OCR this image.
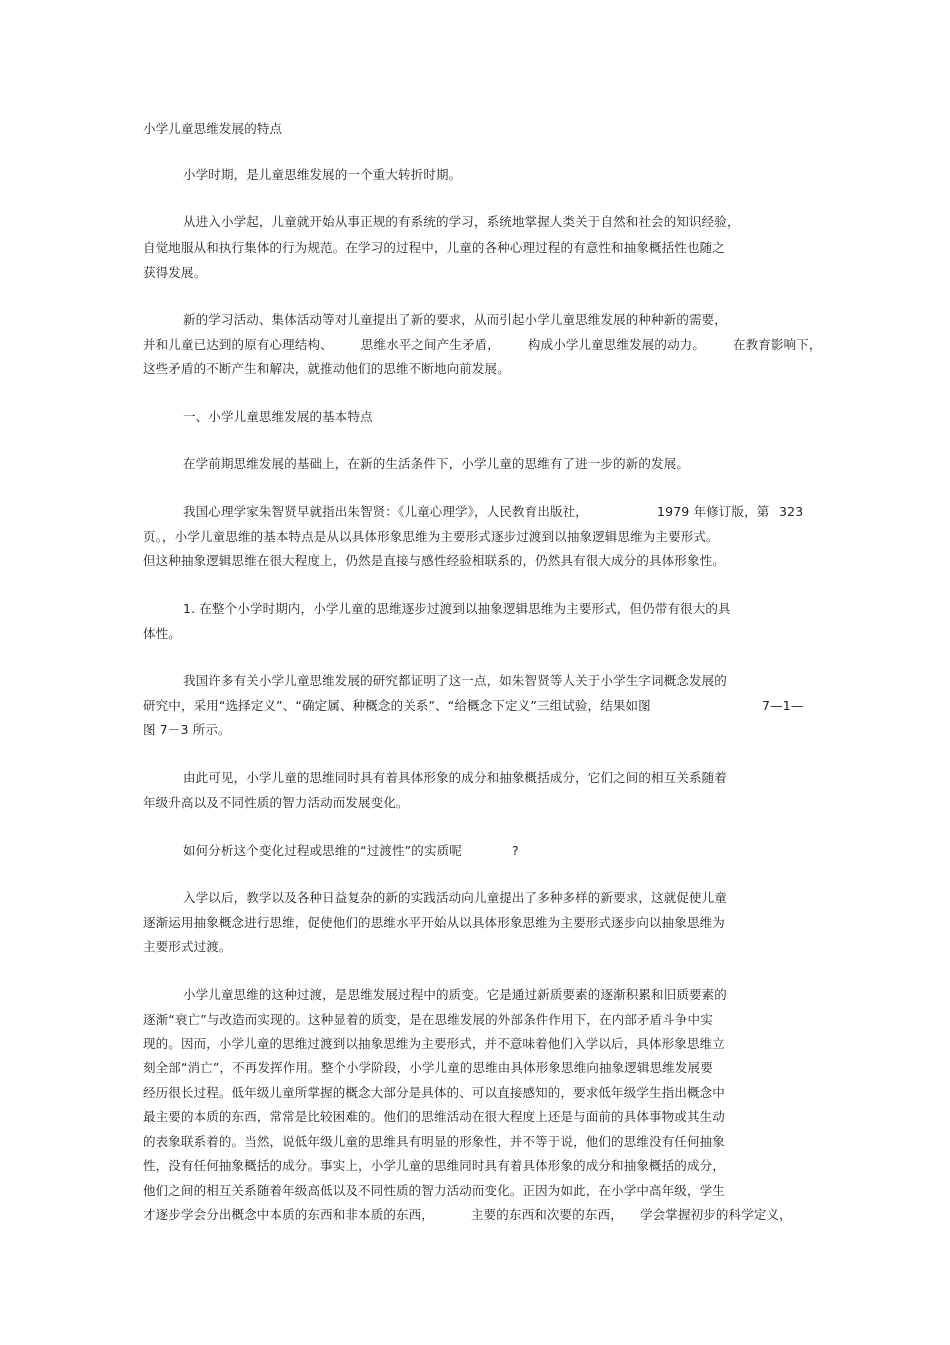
小学儿童思维发展的特点
小学时期，是儿童思维发展的一个重大转折时期。
从进入小学起，儿童就开始从事正规的有系统的学习，系统地掌握人类关于自然和社会的知识经验，
自觉地服从和执行集体的行为规范。在学习的过程中，儿童的各种心理过程的有意性和抽象概括性也随之
获得发展。
新的学习活动、集体活动等对儿童提出了新的要求，从而引起小学儿童思维发展的种种新的需要，
并和儿童已达到的原有心理结构、 思维水平之间产生矛盾， 构成小学儿童思维发展的动力。 在教育影响下，
这些矛盾的不断产生和解决，就推动他们的思维不断地向前发展。
一、小学儿童思维发展的基本特点
在学前期思维发展的基础上，在新的生活条件下，小学儿童的思维有了进一步的新的发展。
我国心理学家朱智贤早就指出朱智贤：《儿童心理学》，人民教育出版社，	1979 年修订版，第 323
页。，小学儿童思维的基本特点是从以具体形象思维为主要形式逐步过渡到以抽象逻辑思维为主要形式。
但这种抽象逻辑思维在很大程度上，仍然是直接与感性经验相联系的，仍然具有很大成分的具体形象性。
1. 在整个小学时期内，小学儿童的思维逐步过渡到以抽象逻辑思维为主要形式，但仍带有很大的具
体性。
我国许多有关小学儿童思维发展的研究都证明了这一点，如朱智贤等人关于小学生字词概念发展的
研究中，采用“选择定义”、“确定属、种概念的关系”、“给概念下定义”三组试验，结果如图	7—1—
图 7－3 所示。
由此可见，小学儿童的思维同时具有着具体形象的成分和抽象概括成分，它们之间的相互关系随着
年级升高以及不同性质的智力活动而发展变化。
如何分析这个变化过程或思维的“过渡性”的实质呢	?
入学以后，教学以及各种日益复杂的新的实践活动向儿童提出了多种多样的新要求，这就促使儿童
逐渐运用抽象概念进行思维，促使他们的思维水平开始从以具体形象思维为主要形式逐步向以抽象思维为
主要形式过渡。
小学儿童思维的这种过渡，是思维发展过程中的质变。它是通过新质要素的逐渐积累和旧质要素的
逐渐“衰亡”与改造而实现的。这种显着的质变，是在思维发展的外部条件作用下，在内部矛盾斗争中实
现的。因而，小学儿童的思维过渡到以抽象思维为主要形式，并不意味着他们入学以后，具体形象思维立
刻全部“消亡”，不再发挥作用。整个小学阶段，小学儿童的思维由具体形象思维向抽象逻辑思维发展要
经历很长过程。低年级儿童所掌握的概念大部分是具体的、可以直接感知的，要求低年级学生指出概念中
最主要的本质的东西，常常是比较困难的。他们的思维活动在很大程度上还是与面前的具体事物或其生动
的表象联系着的。当然，说低年级儿童的思维具有明显的形象性，并不等于说，他们的思维没有任何抽象
性，没有任何抽象概括的成分。事实上，小学儿童的思维同时具有着具体形象的成分和抽象概括的成分，
他们之间的相互关系随着年级高低以及不同性质的智力活动而变化。正因为如此，在小学中高年级，学生
才逐步学会分出概念中本质的东西和非本质的东西，	主要的东西和次要的东西， 学会掌握初步的科学定义，
